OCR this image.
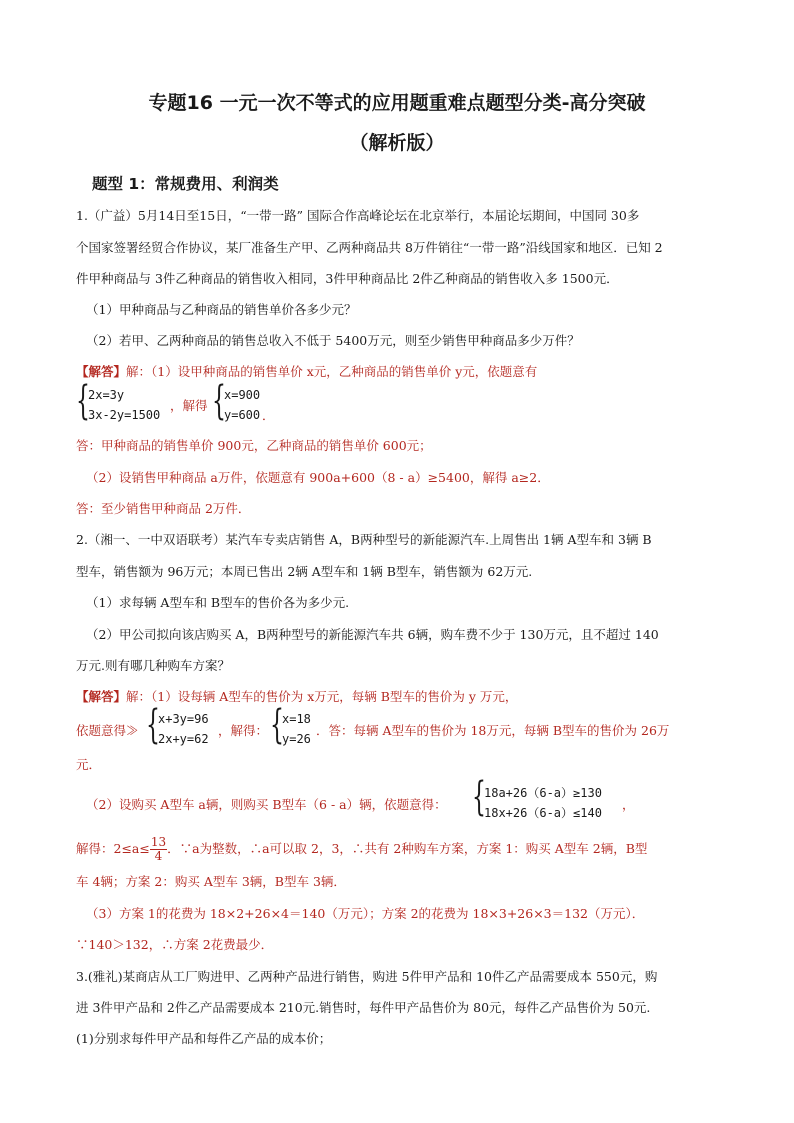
专题16 一元一次不等式的应用题重难点题型分类-高分突破
（解析版）
题型 1：常规费用、利润类
1.（广益）5月14日至15日，“一带一路” 国际合作高峰论坛在北京举行，本届论坛期间，中国同 30多
个国家签署经贸合作协议，某厂准备生产甲、乙两种商品共 8万件销往“一带一路”沿线国家和地区．已知 2
件甲种商品与 3件乙种商品的销售收入相同，3件甲种商品比 2件乙种商品的销售收入多 1500元．
（1）甲种商品与乙种商品的销售单价各多少元？
（2）若甲、乙两种商品的销售总收入不低于 5400万元，则至少销售甲种商品多少万件？
【解答】解：（1）设甲种商品的销售单价 x元，乙种商品的销售单价 y元，依题意有
{
2x=3y
3x-2y=1500
，解得 {
x=900
y=600 ．
答：甲种商品的销售单价 900元，乙种商品的销售单价 600元；
（2）设销售甲种商品 a万件，依题意有 900a+600（8 - a）≥5400，解得 a≥2．
答：至少销售甲种商品 2万件．
2.（湘一、一中双语联考）某汽车专卖店销售 A，B两种型号的新能源汽车.上周售出 1辆 A型车和 3辆 B
型车，销售额为 96万元；本周已售出 2辆 A型车和 1辆 B型车，销售额为 62万元.
（1）求每辆 A型车和 B型车的售价各为多少元.
（2）甲公司拟向该店购买 A，B两种型号的新能源汽车共 6辆，购车费不少于 130万元，且不超过 140
万元.则有哪几种购车方案？
【解答】解：（1）设每辆 A型车的售价为 x万元，每辆 B型车的售价为 y 万元，
依题意得≫ {
x+3y=96
2x+y=62
，解得： {
x=18
y=26
．答：每辆 A型车的售价为 18万元，每辆 B型车的售价为 26万
元．
（2）设购买 A型车 a辆，则购买 B型车（6 - a）辆，依题意得： {
18a+26（6-a）≥130
18x+26（6-a）≤140
，
解得：$2\le a\le \frac{13}{4}$ ．∵a为整数，∴a可以取 2，3，∴共有 2种购车方案，方案 1：购买 A型车 2辆，B型
车 4辆；方案 2：购买 A型车 3辆，B型车 3辆．
（3）方案 1的花费为 18×2+26×4＝140（万元）；方案 2的花费为 18×3+26×3＝132（万元）．
∵140＞132，∴方案 2花费最少．
3.(雅礼)某商店从工厂购进甲、乙两种产品进行销售，购进 5件甲产品和 10件乙产品需要成本 550元，购
进 3件甲产品和 2件乙产品需要成本 210元.销售时，每件甲产品售价为 80元，每件乙产品售价为 50元.
(1)分别求每件甲产品和每件乙产品的成本价；
